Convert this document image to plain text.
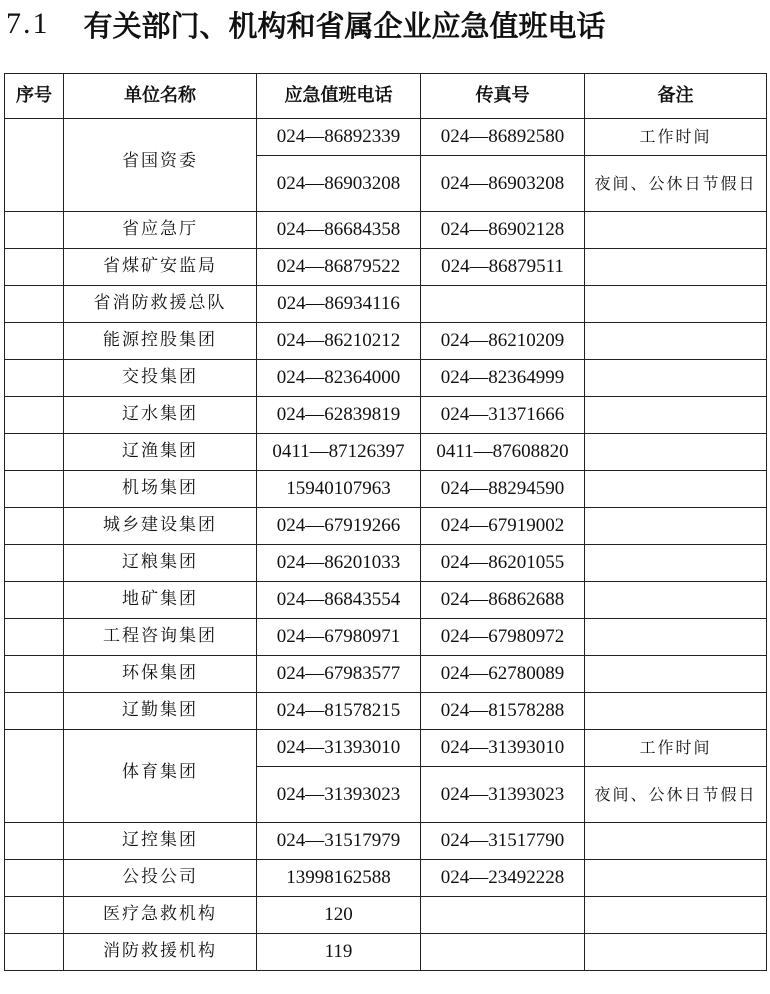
7.1 有关部门、机构和省属企业应急值班电话
序号	单位名称	应急值班电话	传真号	备注
	省国资委	024—86892339	024—86892580	工作时间
		024—86903208	024—86903208	夜间、公休日节假日
	省应急厅	024—86684358	024—86902128	
	省煤矿安监局	024—86879522	024—86879511	
	省消防救援总队	024—86934116		
	能源控股集团	024—86210212	024—86210209	
	交投集团	024—82364000	024—82364999	
	辽水集团	024—62839819	024—31371666	
	辽渔集团	0411—87126397	0411—87608820	
	机场集团	15940107963	024—88294590	
	城乡建设集团	024—67919266	024—67919002	
	辽粮集团	024—86201033	024—86201055	
	地矿集团	024—86843554	024—86862688	
	工程咨询集团	024—67980971	024—67980972	
	环保集团	024—67983577	024—62780089	
	辽勤集团	024—81578215	024—81578288	
	体育集团	024—31393010	024—31393010	工作时间
		024—31393023	024—31393023	夜间、公休日节假日
	辽控集团	024—31517979	024—31517790	
	公投公司	13998162588	024—23492228	
	医疗急救机构	120		
	消防救援机构	119		
